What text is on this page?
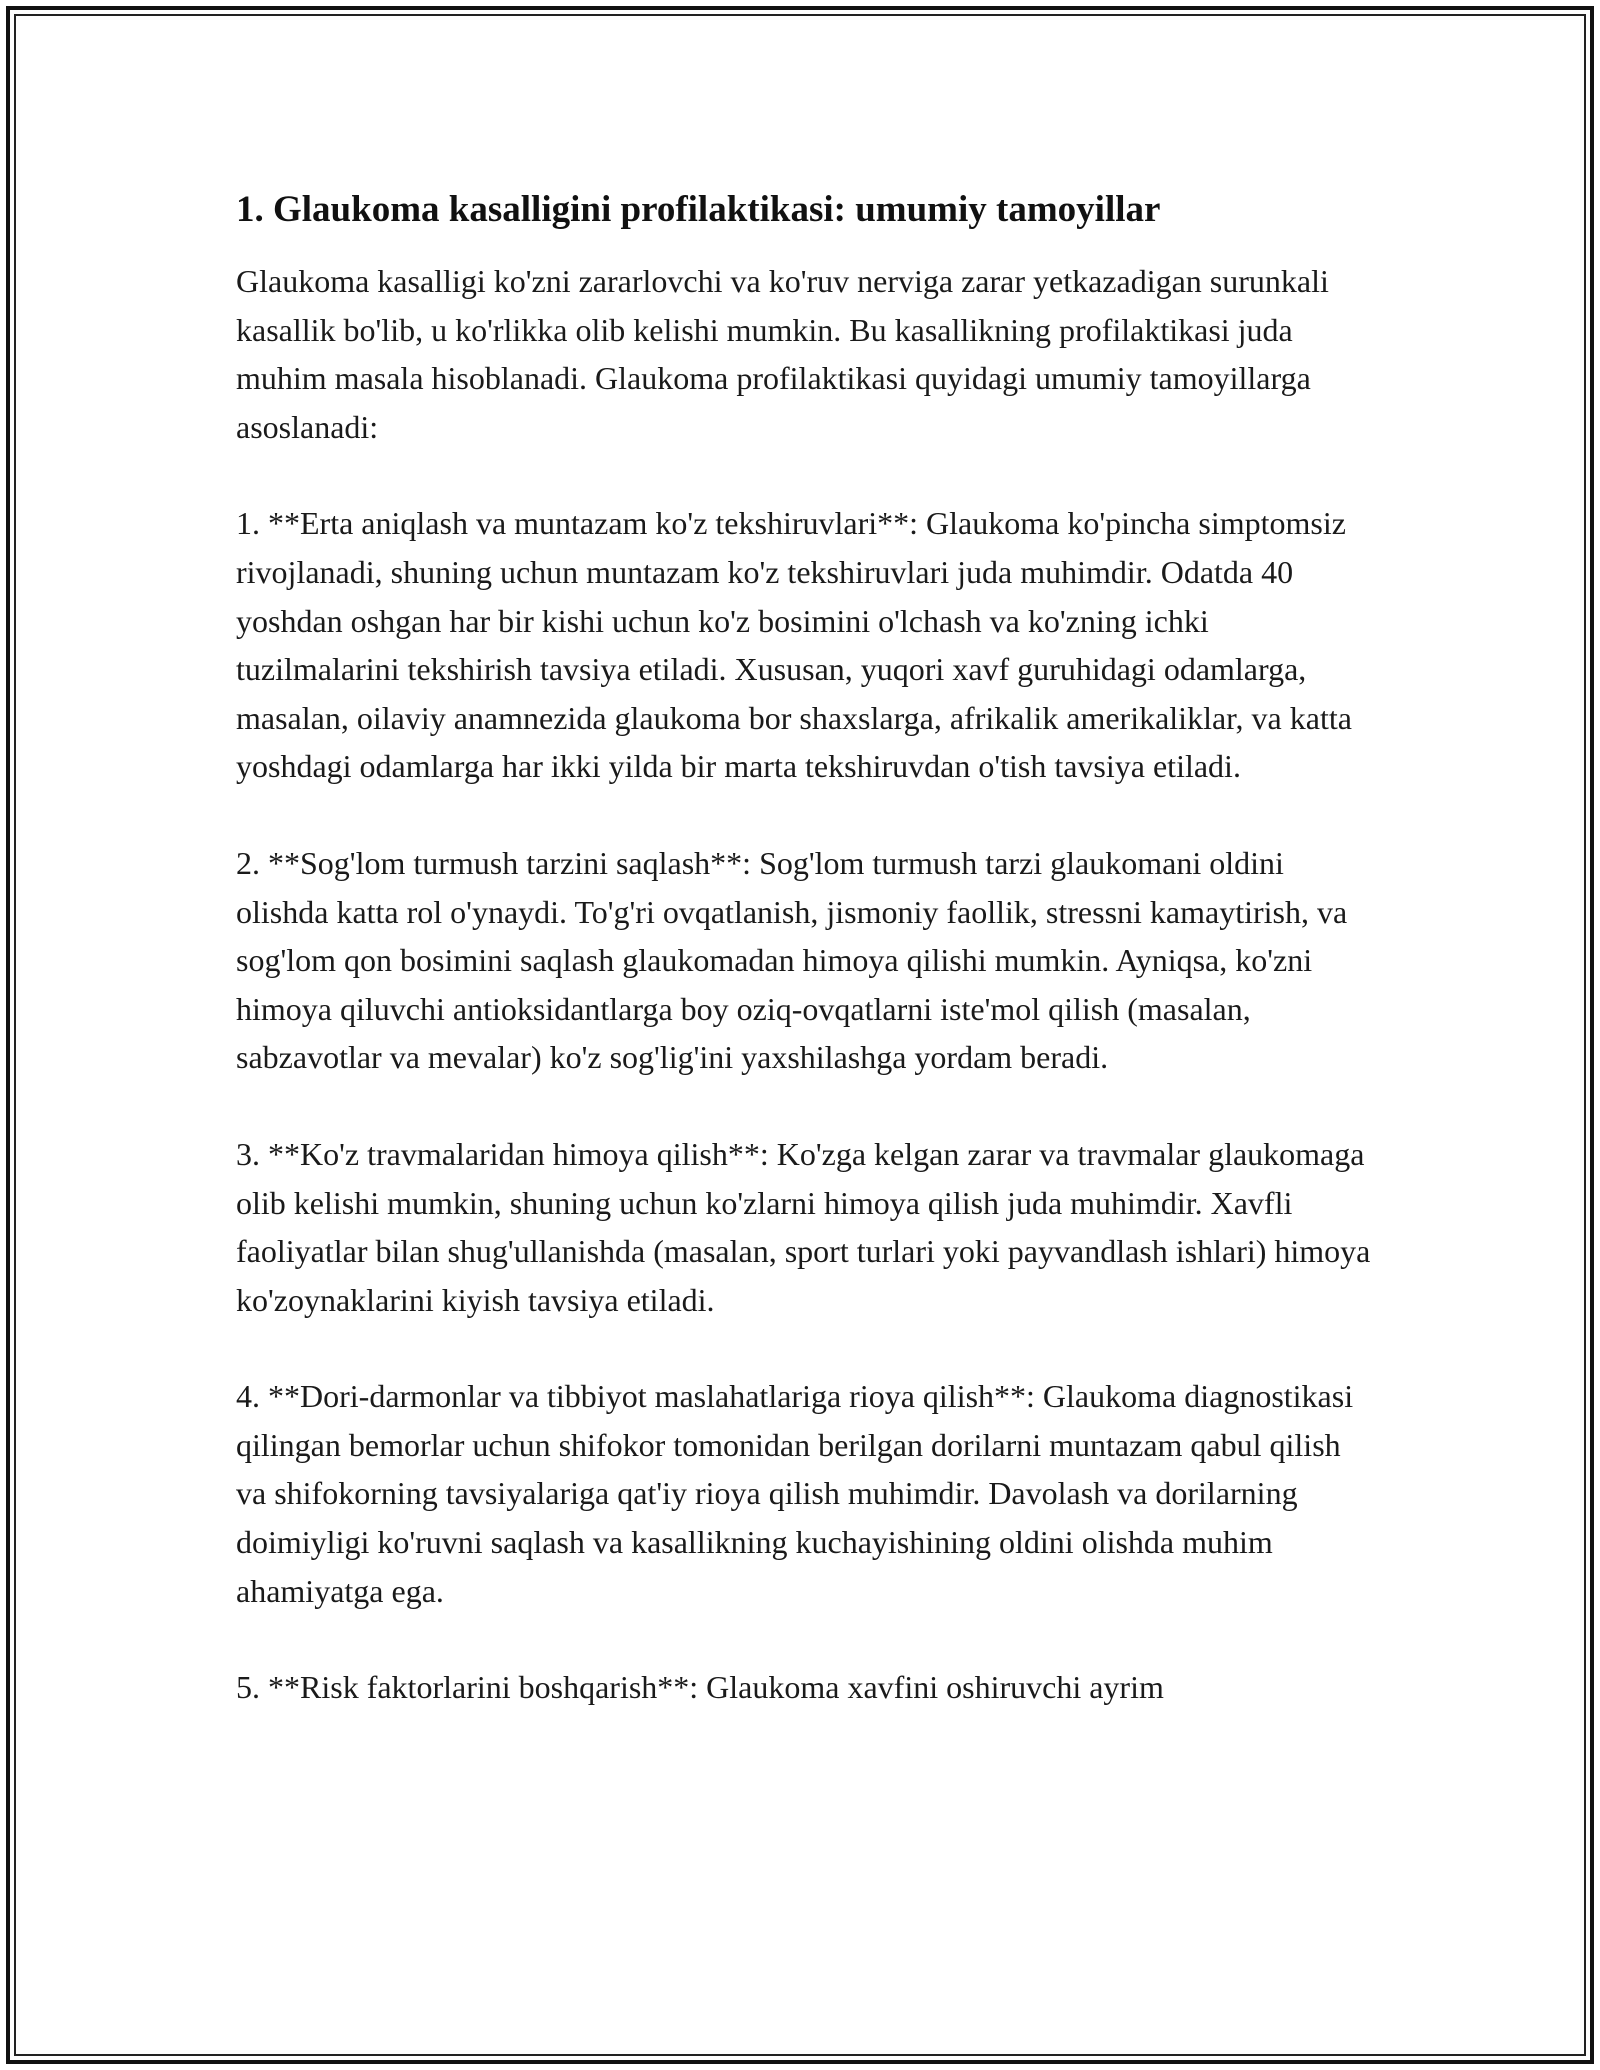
1. Glaukoma kasalligini profilaktikasi: umumiy tamoyillar

Glaukoma kasalligi ko'zni zararlovchi va ko'ruv nerviga zarar yetkazadigan surunkali kasallik bo'lib, u ko'rlikka olib kelishi mumkin. Bu kasallikning profilaktikasi juda muhim masala hisoblanadi. Glaukoma profilaktikasi quyidagi umumiy tamoyillarga asoslanadi:

1. **Erta aniqlash va muntazam ko'z tekshiruvlari**: Glaukoma ko'pincha simptomsiz rivojlanadi, shuning uchun muntazam ko'z tekshiruvlari juda muhimdir. Odatda 40 yoshdan oshgan har bir kishi uchun ko'z bosimini o'lchash va ko'zning ichki tuzilmalarini tekshirish tavsiya etiladi. Xususan, yuqori xavf guruhidagi odamlarga, masalan, oilaviy anamnezida glaukoma bor shaxslarga, afrikalik amerikaliklar, va katta yoshdagi odamlarga har ikki yilda bir marta tekshiruvdan o'tish tavsiya etiladi.

2. **Sog'lom turmush tarzini saqlash**: Sog'lom turmush tarzi glaukomani oldini olishda katta rol o'ynaydi. To'g'ri ovqatlanish, jismoniy faollik, stressni kamaytirish, va sog'lom qon bosimini saqlash glaukomadan himoya qilishi mumkin. Ayniqsa, ko'zni himoya qiluvchi antioksidantlarga boy oziq-ovqatlarni iste'mol qilish (masalan, sabzavotlar va mevalar) ko'z sog'lig'ini yaxshilashga yordam beradi.

3. **Ko'z travmalaridan himoya qilish**: Ko'zga kelgan zarar va travmalar glaukomaga olib kelishi mumkin, shuning uchun ko'zlarni himoya qilish juda muhimdir. Xavfli faoliyatlar bilan shug'ullanishda (masalan, sport turlari yoki payvandlash ishlari) himoya ko'zoynaklarini kiyish tavsiya etiladi.

4. **Dori-darmonlar va tibbiyot maslahatlariga rioya qilish**: Glaukoma diagnostikasi qilingan bemorlar uchun shifokor tomonidan berilgan dorilarni muntazam qabul qilish va shifokorning tavsiyalariga qat'iy rioya qilish muhimdir. Davolash va dorilarning doimiyligi ko'ruvni saqlash va kasallikning kuchayishining oldini olishda muhim ahamiyatga ega.

5. **Risk faktorlarini boshqarish**: Glaukoma xavfini oshiruvchi ayrim
